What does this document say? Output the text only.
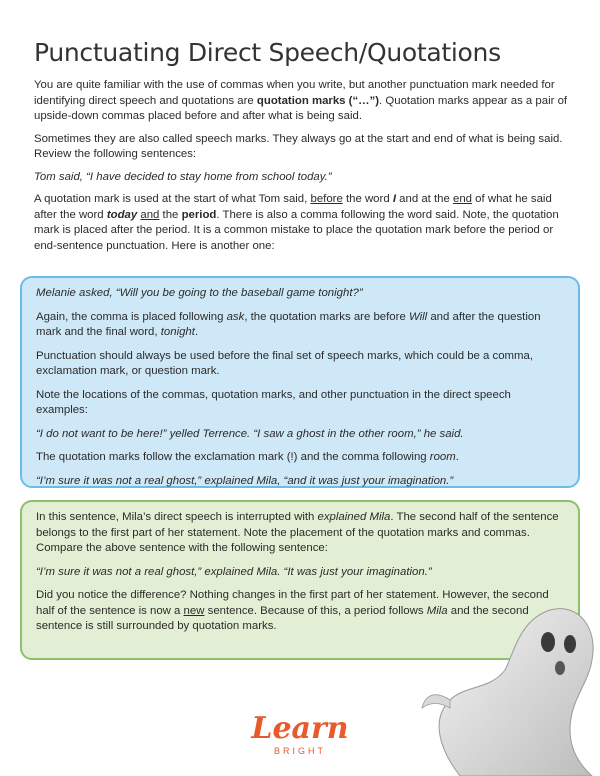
Punctuating Direct Speech/Quotations

You are quite familiar with the use of commas when you write, but another punctuation mark needed for identifying direct speech and quotations are quotation marks (“…”). Quotation marks appear as a pair of upside-down commas placed before and after what is being said.

Sometimes they are also called speech marks. They always go at the start and end of what is being said. Review the following sentences:

Tom said, “I have decided to stay home from school today.”

A quotation mark is used at the start of what Tom said, before the word I and at the end of what he said after the word today and the period. There is also a comma following the word said. Note, the quotation mark is placed after the period. It is a common mistake to place the quotation mark before the period or end-sentence punctuation. Here is another one:

Melanie asked, “Will you be going to the baseball game tonight?”

Again, the comma is placed following ask, the quotation marks are before Will and after the question mark and the final word, tonight.

Punctuation should always be used before the final set of speech marks, which could be a comma, exclamation mark, or question mark.

Note the locations of the commas, quotation marks, and other punctuation in the direct speech examples:

“I do not want to be here!” yelled Terrence. “I saw a ghost in the other room,” he said.

The quotation marks follow the exclamation mark (!) and the comma following room.

“I’m sure it was not a real ghost,” explained Mila, “and it was just your imagination.”

In this sentence, Mila’s direct speech is interrupted with explained Mila. The second half of the sentence belongs to the first part of her statement. Note the placement of the quotation marks and commas. Compare the above sentence with the following sentence:

“I’m sure it was not a real ghost,” explained Mila. “It was just your imagination.”

Did you notice the difference? Nothing changes in the first part of her statement. However, the second half of the sentence is now a new sentence. Because of this, a period follows Mila and the second sentence is still surrounded by quotation marks.

Learn
BRIGHT
